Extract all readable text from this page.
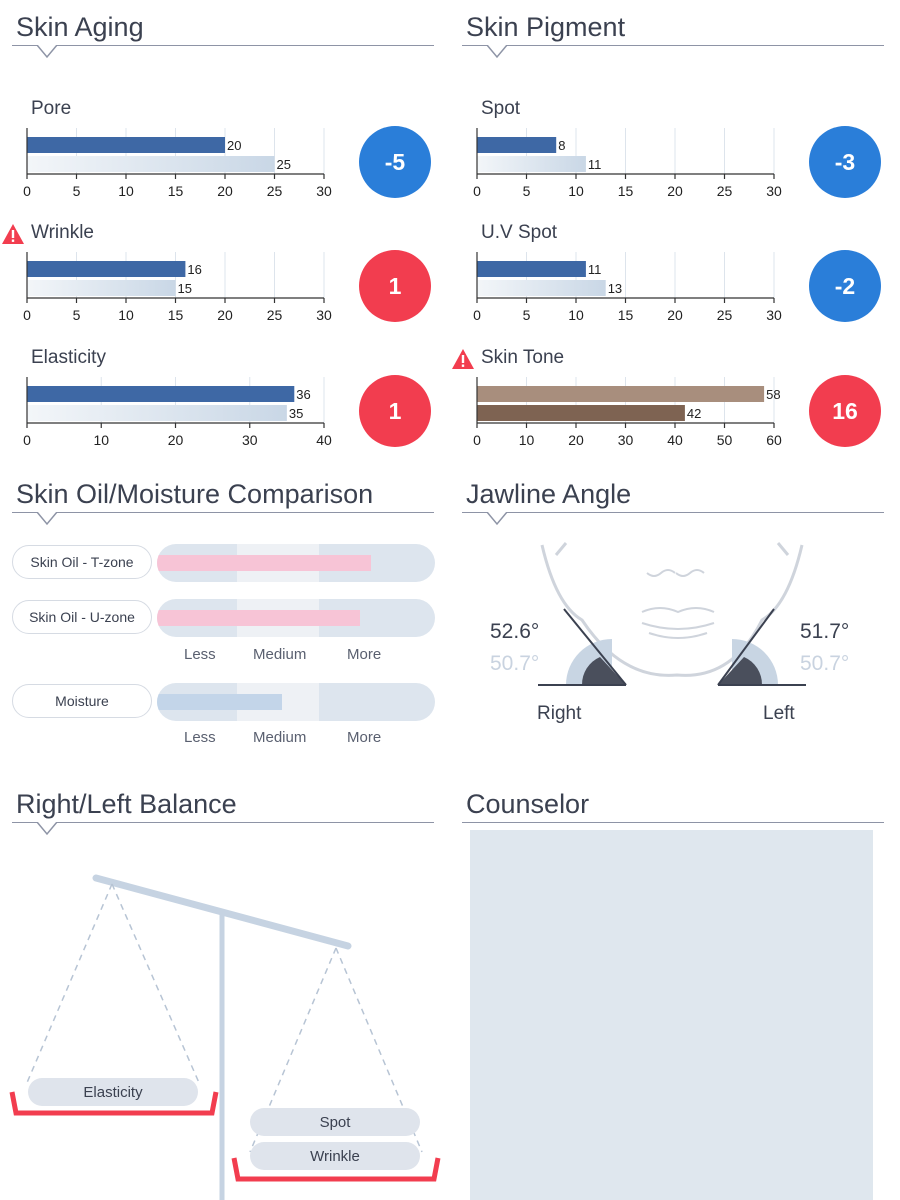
Skin Aging	Skin Pigment
Skin Oil/Moisture Comparison	Jawline Angle
Right/Left Balance	Counselor
Pore
20
25
0	5	10 15 20 25 30
-5
Wrinkle
16
15
0	5	10 15 20 25 30
1
Elasticity
36
35
0	10	20	30	40
1
Spot
8
11
0	5	10 15 20 25 30
-3
U.V Spot
11
13
0	5	10 15 20 25 30
-2
Skin Tone
58
42
0	10 20 30 40 50 60
16
Skin Oil - T-zone
Skin Oil - U-zone
Less Medium	More
Moisture
Less Medium	More
52.6°
50.7°
51.7°
50.7°
Right	Left
Elasticity
Spot
Wrinkle
